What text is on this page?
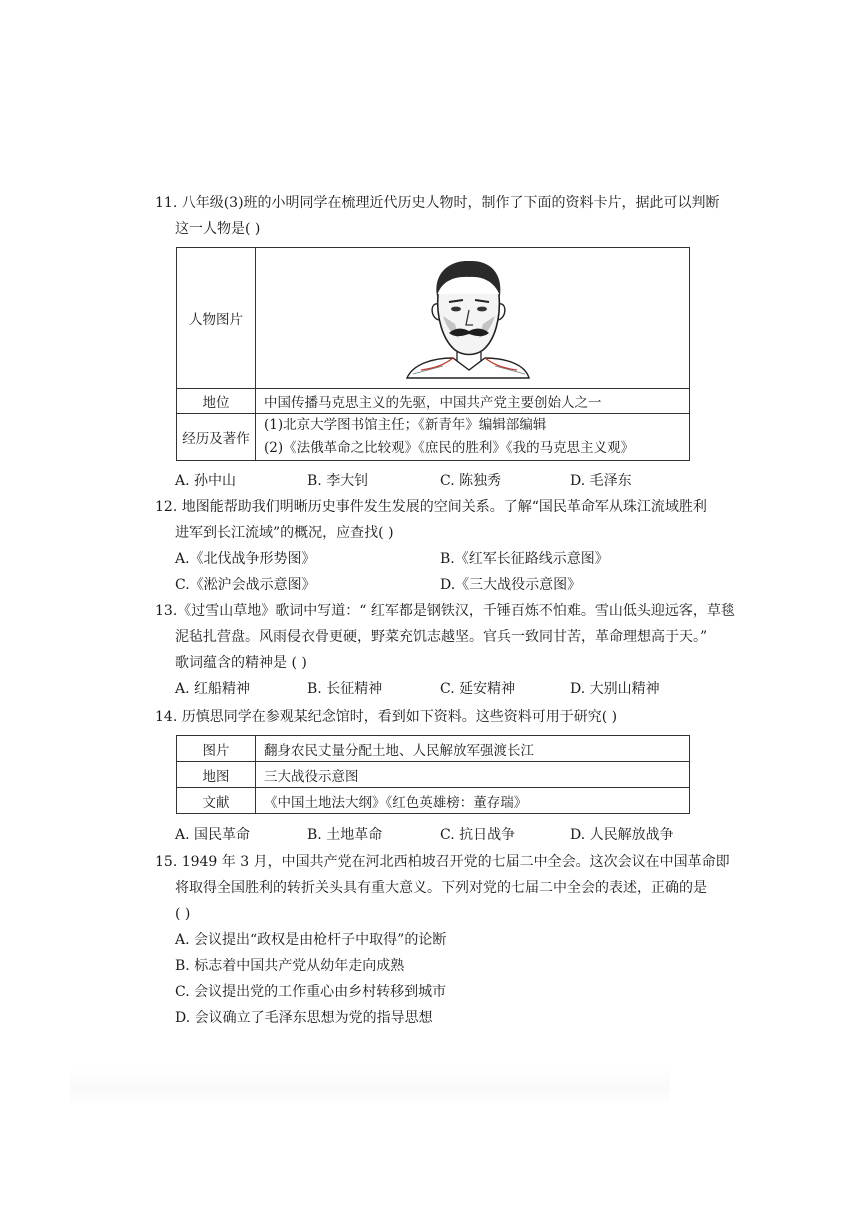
11. 八年级(3)班的小明同学在梳理近代历史人物时，制作了下面的资料卡片，据此可以判断
这一人物是( )
人物图片	

地位	中国传播马克思主义的先驱，中国共产党主要创始人之一
经历及著作	(1)北京大学图书馆主任；《新青年》编辑部编辑
(2)《法俄革命之比较观》《庶民的胜利》《我的马克思主义观》
A. 孙中山	B. 李大钊	C. 陈独秀	D. 毛泽东
12. 地图能帮助我们明晰历史事件发生发展的空间关系。了解“国民革命军从珠江流域胜利
进军到长江流域”的概况，应查找( )
A.《北伐战争形势图》	B.《红军长征路线示意图》
C.《淞沪会战示意图》	D.《三大战役示意图》
13.《过雪山草地》歌词中写道：“ 红军都是钢铁汉，千锤百炼不怕难。雪山低头迎远客，草毯
泥毡扎营盘。风雨侵衣骨更硬，野菜充饥志越坚。官兵一致同甘苦，革命理想高于天。”
歌词蕴含的精神是 ( )
A. 红船精神	B. 长征精神	C. 延安精神	D. 大别山精神
14. 历慎思同学在参观某纪念馆时，看到如下资料。这些资料可用于研究( )
图片	翻身农民丈量分配土地、人民解放军强渡长江
地图	三大战役示意图
文献	《中国土地法大纲》《红色英雄榜：董存瑞》
A. 国民革命	B. 土地革命	C. 抗日战争	D. 人民解放战争
15. 1949 年 3 月，中国共产党在河北西柏坡召开党的七届二中全会。这次会议在中国革命即
将取得全国胜利的转折关头具有重大意义。下列对党的七届二中全会的表述，正确的是
( )
A. 会议提出“政权是由枪杆子中取得”的论断
B. 标志着中国共产党从幼年走向成熟
C. 会议提出党的工作重心由乡村转移到城市
D. 会议确立了毛泽东思想为党的指导思想
